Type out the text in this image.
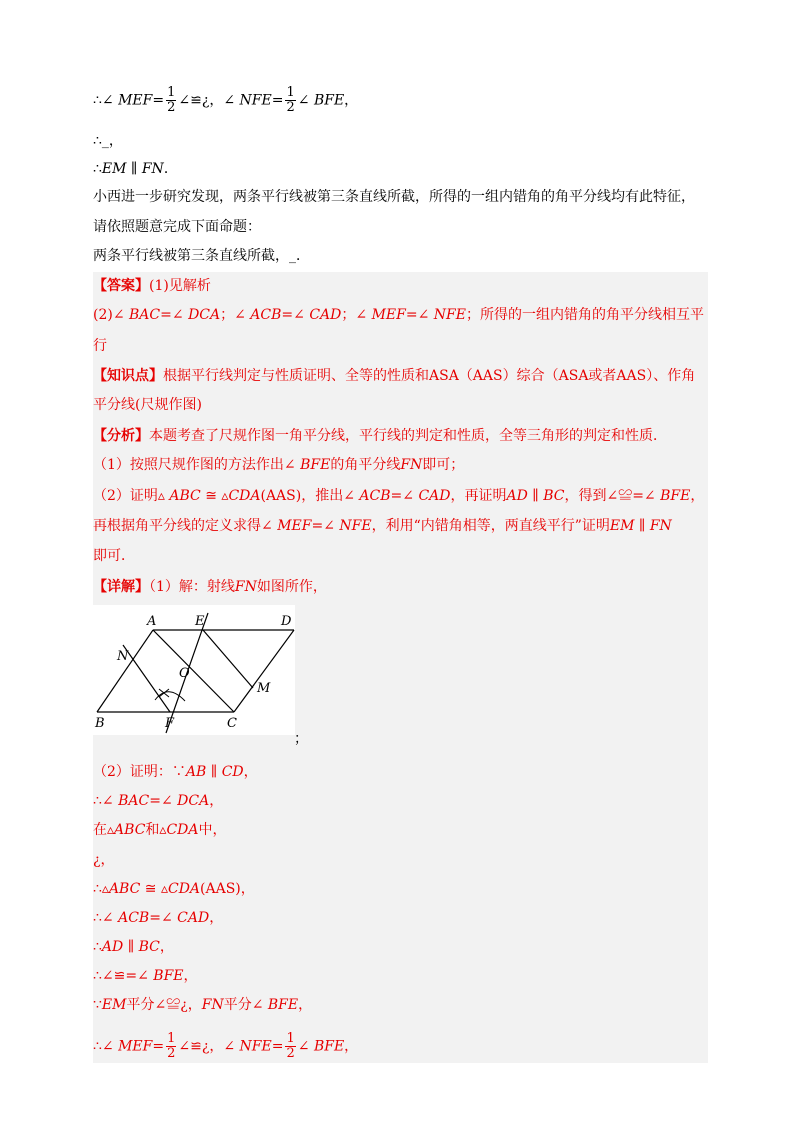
∴∠ $MEF= \frac{1}{2}$ ∠≌¿，∠ $NFE= \frac{1}{2}$ ∠ BFE，
∴_，
∴EM ∥ FN．
小西进一步研究发现，两条平行线被第三条直线所截，所得的一组内错角的角平分线均有此特征，
请依照题意完成下面命题：
两条平行线被第三条直线所截，_．
【答案】(1)见解析
(2)∠ BAC=∠ DCA；∠ ACB=∠ CAD；∠ MEF=∠ NFE；所得的一组内错角的角平分线相互平
行
【知识点】根据平行线判定与性质证明、全等的性质和ASA（AAS）综合（ASA或者AAS）、作角
平分线(尺规作图)
【分析】本题考查了尺规作图一角平分线，平行线的判定和性质，全等三角形的判定和性质．
（1）按照尺规作图的方法作出∠ BFE的角平分线FN即可；
（2）证明▵ ABC ≅ ▵CDA(AAS)，推出∠ ACB=∠ CAD，再证明AD ∥ BC，得到∠≌=∠ BFE，
再根据角平分线的定义求得∠ MEF=∠ NFE，利用“内错角相等，两直线平行”证明EM ∥ FN
即可．
【详解】（1）解：射线FN如图所作，
A	E	D
N
O
M
B	F	C
；
（2）证明：∵AB ∥ CD，
∴∠ BAC=∠ DCA，
在▵ABC和▵CDA中，
¿，
∴▵ABC ≅ ▵CDA(AAS)，
∴∠ ACB=∠ CAD，
∴AD ∥ BC，
∴∠≌=∠ BFE，
∵EM平分∠≌¿，FN平分∠ BFE，
∴∠ $MEF= \frac{1}{2}$ ∠≌¿，∠ $NFE= \frac{1}{2}$ ∠ BFE，
